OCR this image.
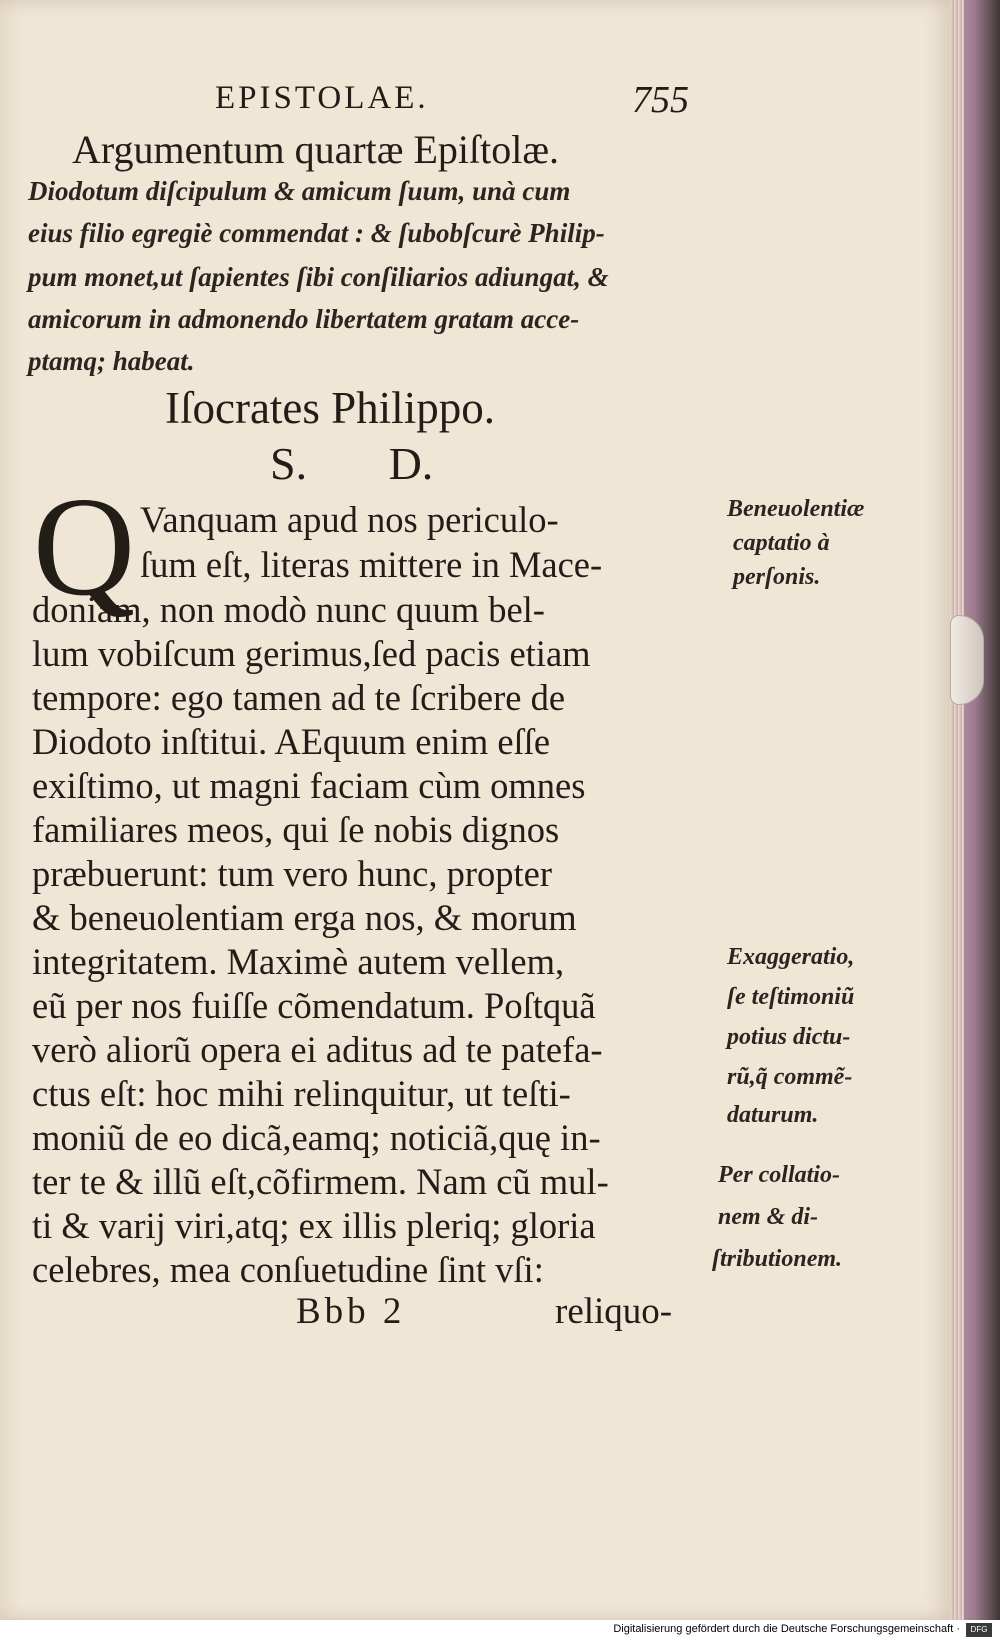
EPISTOLAE.	755
Argumentum quartæ Epiſtolæ.
Diodotum diſcipulum & amicum ſuum, unà cum
eius filio egregiè commendat : & ſubobſcurè Philip-
pum monet,ut ſapientes ſibi conſiliarios adiungat, &
amicorum in admonendo libertatem gratam acce-
ptamq; habeat.
Iſocrates Philippo.
S. D.
Q Vanquam apud nos periculo-
ſum eſt, literas mittere in Mace-
doniam, non modò nunc quum bel-
lum vobiſcum gerimus,ſed pacis etiam
tempore: ego tamen ad te ſcribere de
Diodoto inſtitui. AEquum enim eſſe
exiſtimo, ut magni faciam cùm omnes
familiares meos, qui ſe nobis dignos
præbuerunt: tum vero hunc, propter
& beneuolentiam erga nos, & morum
integritatem. Maximè autem vellem,
eũ per nos fuiſſe cõmendatum. Poſtquã
verò aliorũ opera ei aditus ad te patefa-
ctus eſt: hoc mihi relinquitur, ut teſti-
moniũ de eo dicã,eamq; noticiã,quę in-
ter te & illũ eſt,cõfirmem. Nam cũ mul-
ti & varij viri,atq; ex illis pleriq; gloria
celebres, mea conſuetudine ſint vſi:
Beneuolentiæ
captatio à
perſonis.
Exaggeratio,
ſe teſtimoniũ
potius dictu-
rũ,q̃ commẽ-
daturum.
Per collatio-
nem & di-
ſtributionem.
Bbb 2	reliquo-
Digitalisierung gefördert durch die Deutsche Forschungsgemeinschaft ·	DFG
